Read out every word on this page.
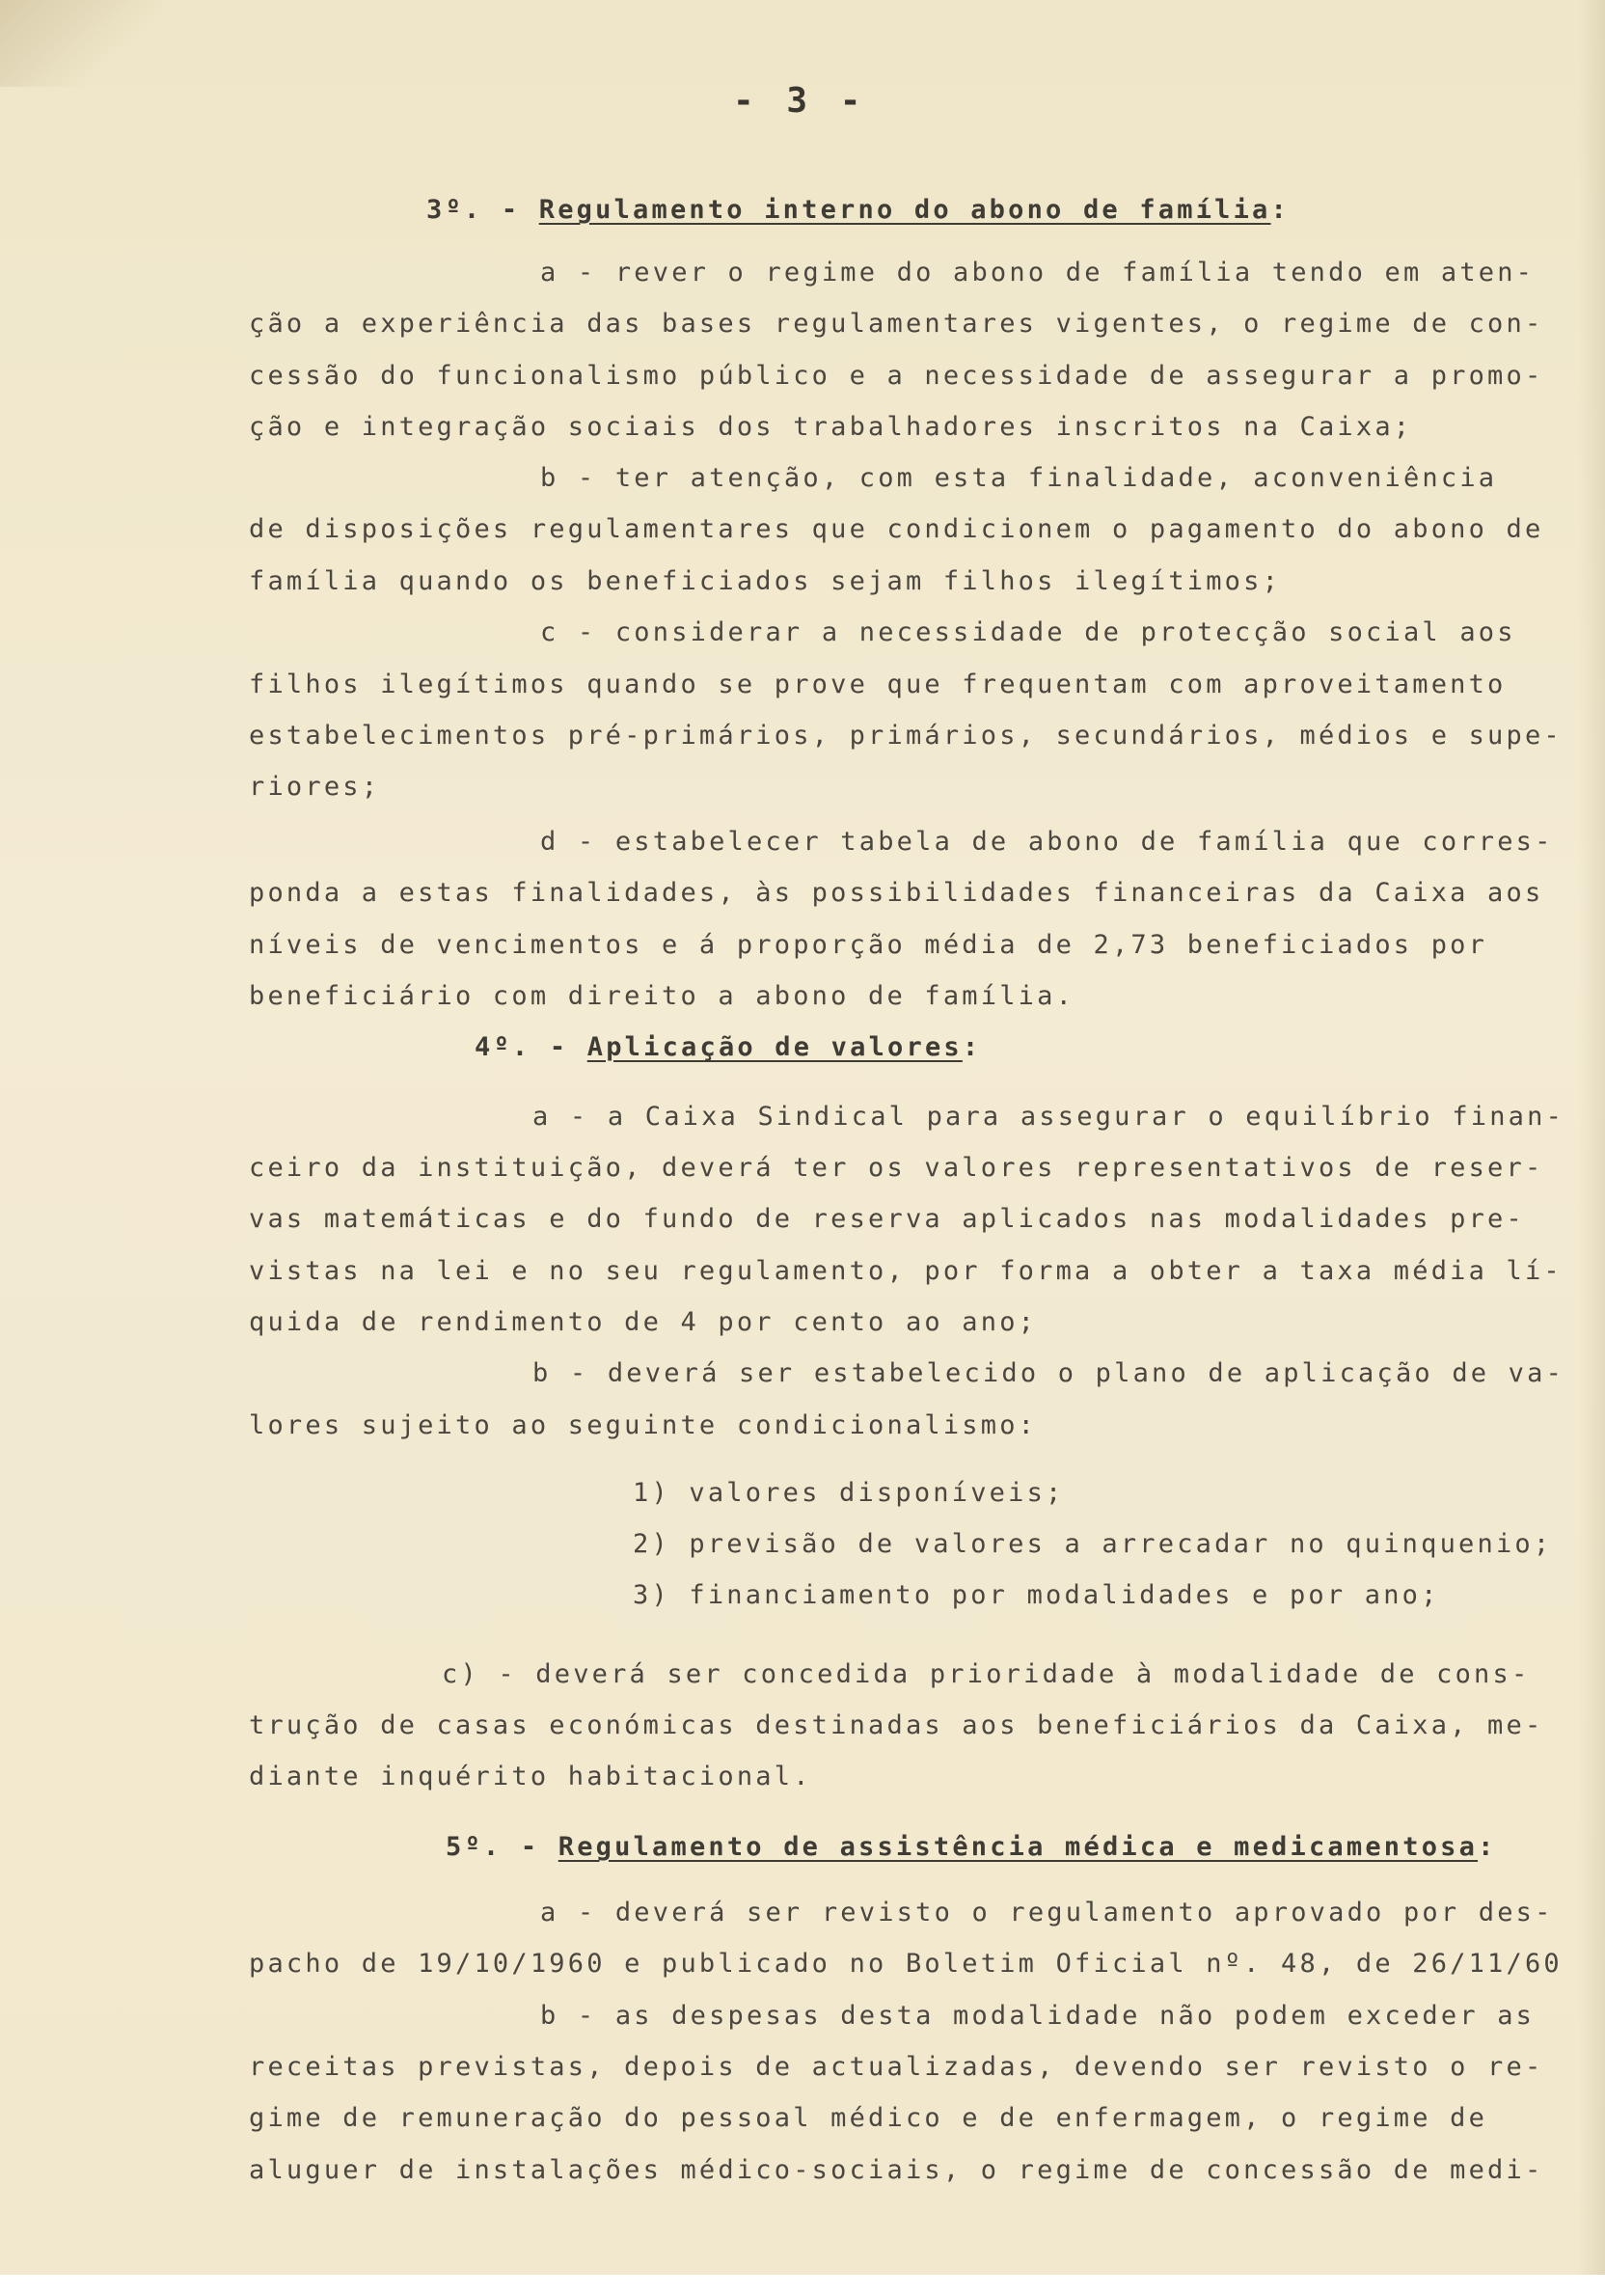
- 3 -
3º. - Regulamento interno do abono de família:
a - rever o regime do abono de família tendo em aten-
ção a experiência das bases regulamentares vigentes, o regime de con-
cessão do funcionalismo público e a necessidade de assegurar a promo-
ção e integração sociais dos trabalhadores inscritos na Caixa;
b - ter atenção, com esta finalidade, aconveniência
de disposições regulamentares que condicionem o pagamento do abono de
família quando os beneficiados sejam filhos ilegítimos;
c - considerar a necessidade de protecção social aos
filhos ilegítimos quando se prove que frequentam com aproveitamento
estabelecimentos pré-primários, primários, secundários, médios e supe-
riores;
d - estabelecer tabela de abono de família que corres-
ponda a estas finalidades, às possibilidades financeiras da Caixa aos
níveis de vencimentos e á proporção média de 2,73 beneficiados por
beneficiário com direito a abono de família.
4º. - Aplicação de valores:
a - a Caixa Sindical para assegurar o equilíbrio finan-
ceiro da instituição, deverá ter os valores representativos de reser-
vas matemáticas e do fundo de reserva aplicados nas modalidades pre-
vistas na lei e no seu regulamento, por forma a obter a taxa média lí-
quida de rendimento de 4 por cento ao ano;
b - deverá ser estabelecido o plano de aplicação de va-
lores sujeito ao seguinte condicionalismo:
1) valores disponíveis;
2) previsão de valores a arrecadar no quinquenio;
3) financiamento por modalidades e por ano;
c) - deverá ser concedida prioridade à modalidade de cons-
trução de casas económicas destinadas aos beneficiários da Caixa, me-
diante inquérito habitacional.
5º. - Regulamento de assistência médica e medicamentosa:
a - deverá ser revisto o regulamento aprovado por des-
pacho de 19/10/1960 e publicado no Boletim Oficial nº. 48, de 26/11/60
b - as despesas desta modalidade não podem exceder as
receitas previstas, depois de actualizadas, devendo ser revisto o re-
gime de remuneração do pessoal médico e de enfermagem, o regime de
aluguer de instalações médico-sociais, o regime de concessão de medi-
